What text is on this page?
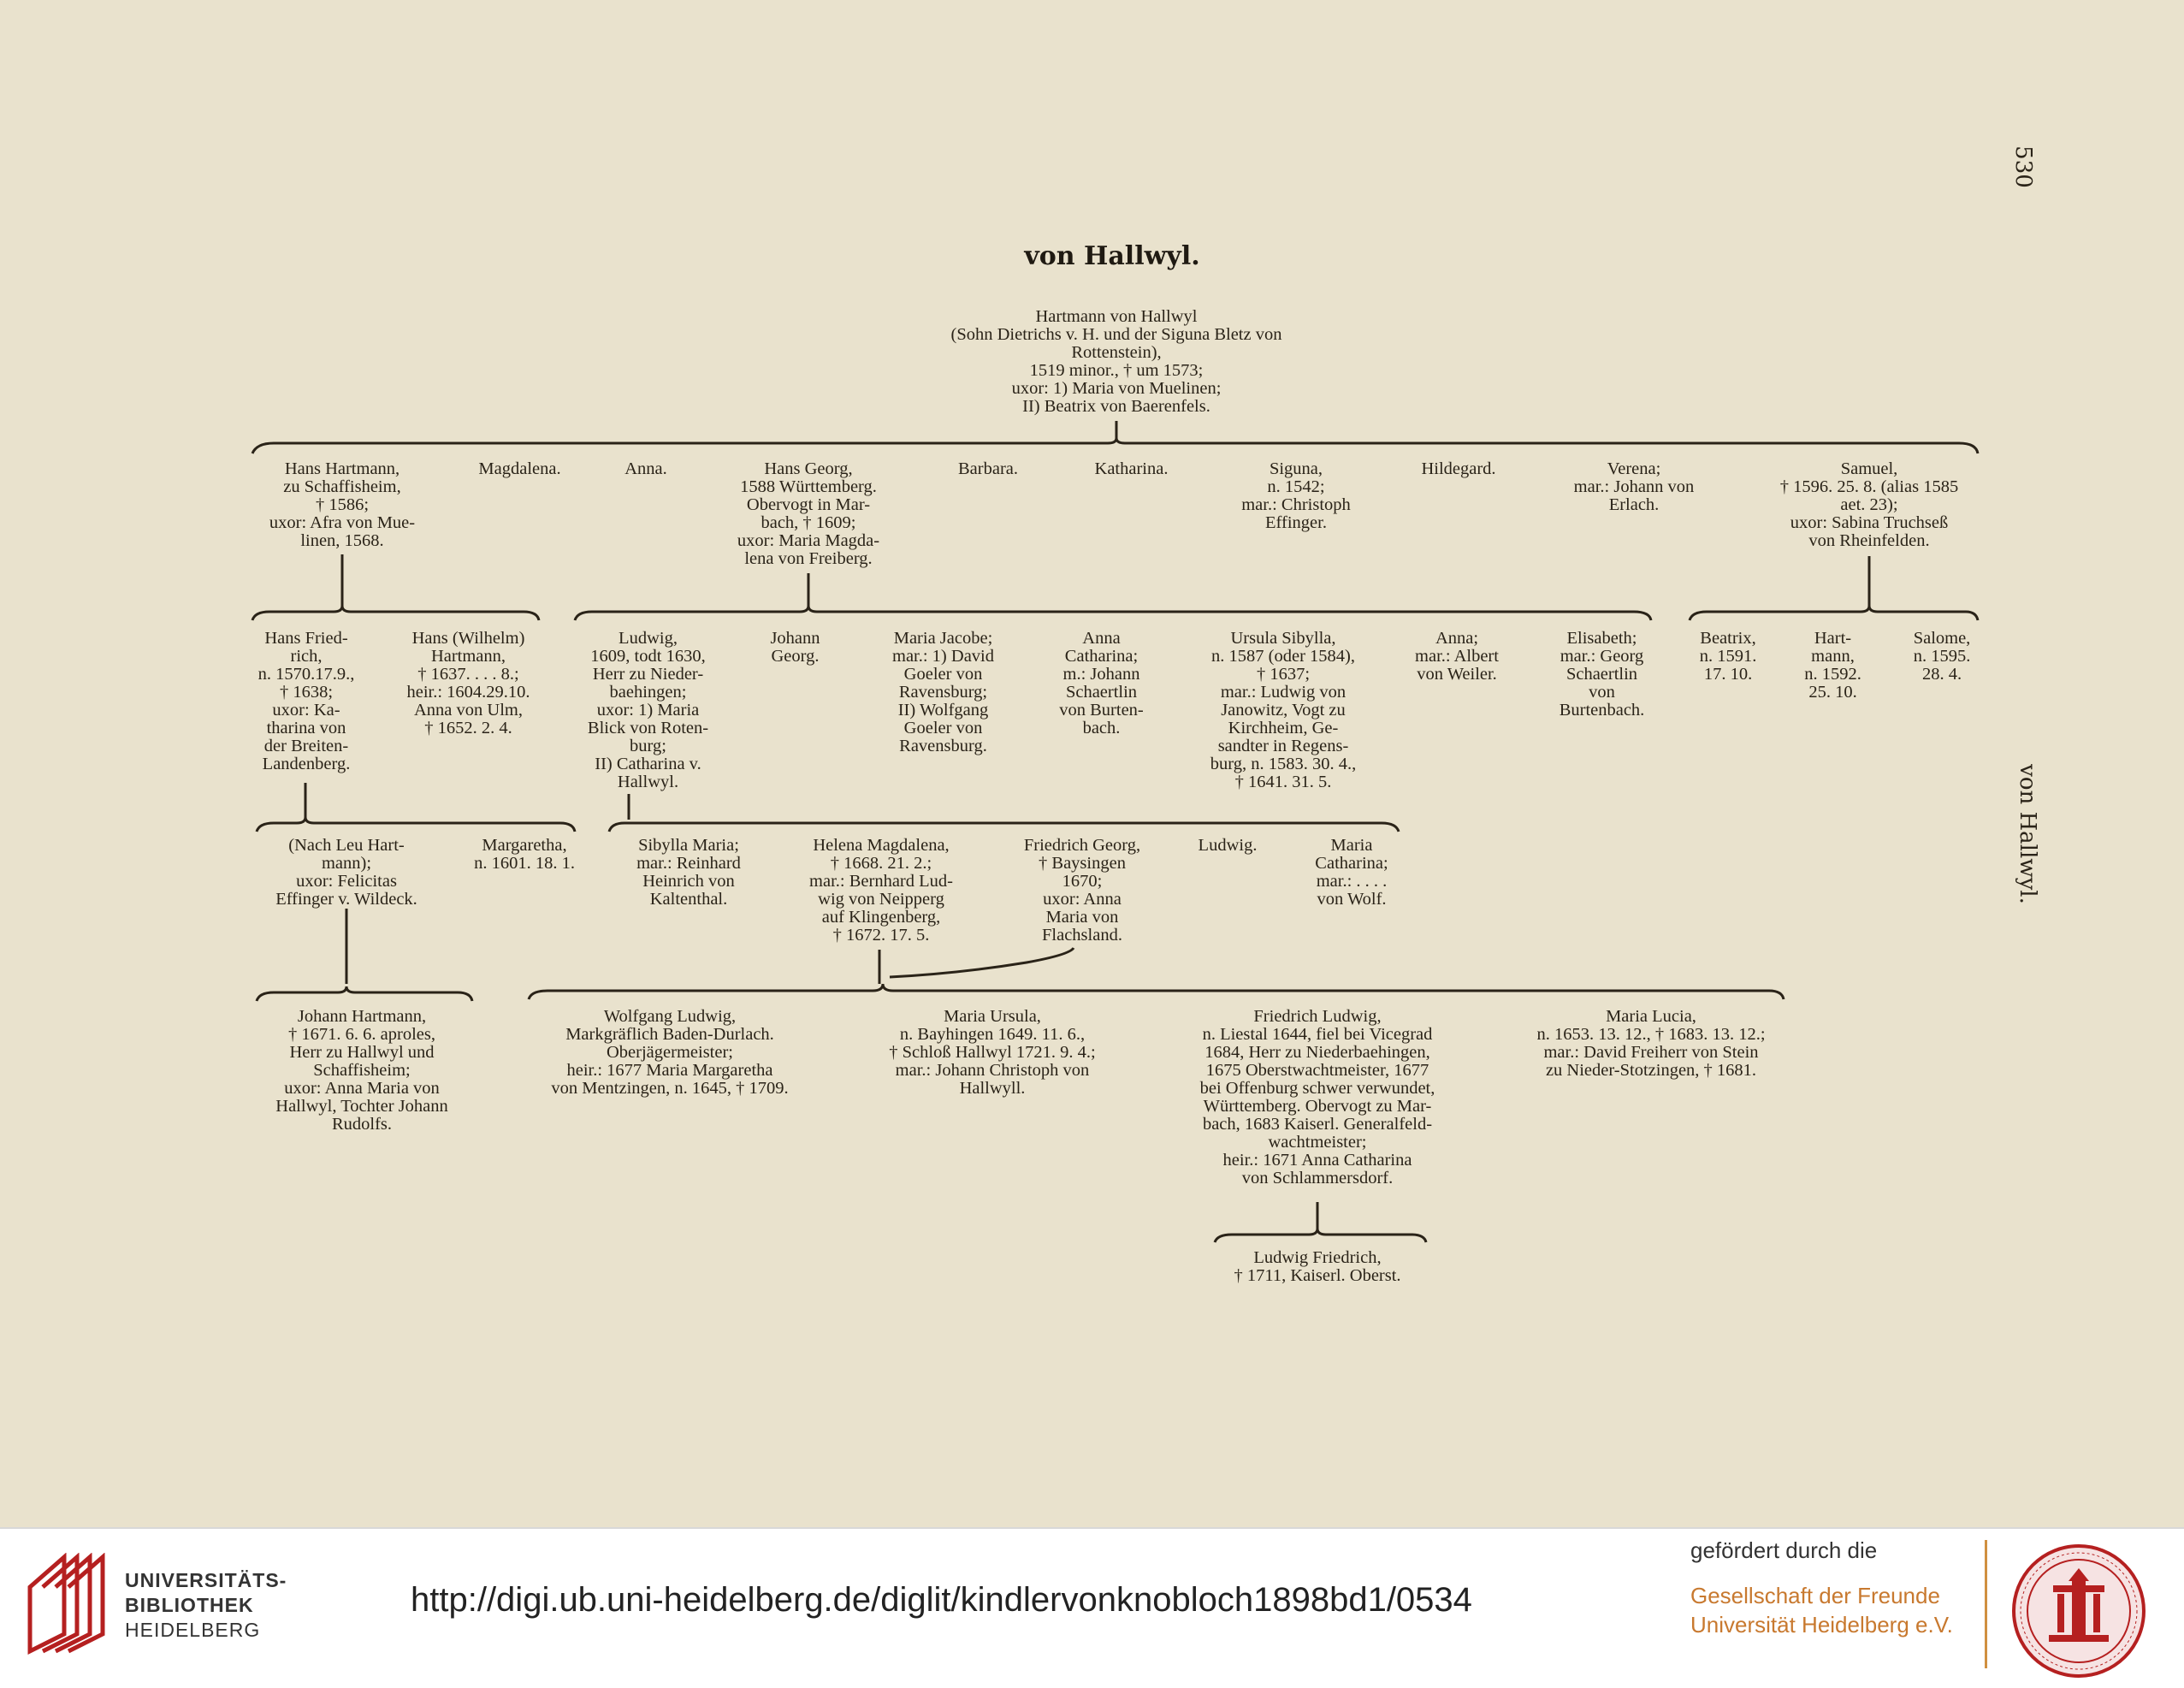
von Hallwyl.
530
von Hallwyl.
Hartmann von Hallwyl
(Sohn Dietrichs v. H. und der Siguna Bletz von
Rottenstein),
1519 minor., † um 1573;
uxor: 1) Maria von Muelinen;
II) Beatrix von Baerenfels.
Hans Hartmann,
zu Schaffisheim,
† 1586;
uxor: Afra von Mue-
linen, 1568.
Magdalena.	Anna.	Hans Georg,
1588 Württemberg.
Obervogt in Mar-
bach, † 1609;
uxor: Maria Magda-
lena von Freiberg.
Barbara.	Katharina.	Siguna,
n. 1542;
mar.: Christoph
Effinger.
Hildegard.	Verena;
mar.: Johann von
Erlach.
Samuel,
† 1596. 25. 8. (alias 1585
aet. 23);
uxor: Sabina Truchseß
von Rheinfelden.
Hans Fried-
rich,
n. 1570.17.9.,
† 1638;
uxor: Ka-
tharina von
der Breiten-
Landenberg.
Hans (Wilhelm)
Hartmann,
† 1637. . . . 8.;
heir.: 1604.29.10.
Anna von Ulm,
† 1652. 2. 4.
Ludwig,
1609, todt 1630,
Herr zu Nieder-
baehingen;
uxor: 1) Maria
Blick von Roten-
burg;
II) Catharina v.
Hallwyl.
Johann
Georg.
Maria Jacobe;
mar.: 1) David
Goeler von
Ravensburg;
II) Wolfgang
Goeler von
Ravensburg.
Anna
Catharina;
m.: Johann
Schaertlin
von Burten-
bach.
Ursula Sibylla,
n. 1587 (oder 1584),
† 1637;
mar.: Ludwig von
Janowitz, Vogt zu
Kirchheim, Ge-
sandter in Regens-
burg, n. 1583. 30. 4.,
† 1641. 31. 5.
Anna;
mar.: Albert
von Weiler.
Elisabeth;
mar.: Georg
Schaertlin
von
Burtenbach.
Beatrix,
n. 1591.
17. 10.
Hart-
mann,
n. 1592.
25. 10.
Salome,
n. 1595.
28. 4.
(Nach Leu Hart-
mann);
uxor: Felicitas
Effinger v. Wildeck.
Margaretha,
n. 1601. 18. 1.
Sibylla Maria;
mar.: Reinhard
Heinrich von
Kaltenthal.
Helena Magdalena,
† 1668. 21. 2.;
mar.: Bernhard Lud-
wig von Neipperg
auf Klingenberg,
† 1672. 17. 5.
Friedrich Georg,
† Baysingen
1670;
uxor: Anna
Maria von
Flachsland.
Ludwig.	Maria
Catharina;
mar.: . . . .
von Wolf.
Johann Hartmann,
† 1671. 6. 6. aproles,
Herr zu Hallwyl und
Schaffisheim;
uxor: Anna Maria von
Hallwyl, Tochter Johann
Rudolfs.
Wolfgang Ludwig,
Markgräflich Baden-Durlach.
Oberjägermeister;
heir.: 1677 Maria Margaretha
von Mentzingen, n. 1645, † 1709.
Maria Ursula,
n. Bayhingen 1649. 11. 6.,
† Schloß Hallwyl 1721. 9. 4.;
mar.: Johann Christoph von
Hallwyll.
Friedrich Ludwig,
n. Liestal 1644, fiel bei Vicegrad
1684, Herr zu Niederbaehingen,
1675 Oberstwachtmeister, 1677
bei Offenburg schwer verwundet,
Württemberg. Obervogt zu Mar-
bach, 1683 Kaiserl. Generalfeld-
wachtmeister;
heir.: 1671 Anna Catharina
von Schlammersdorf.
Maria Lucia,
n. 1653. 13. 12., † 1683. 13. 12.;
mar.: David Freiherr von Stein
zu Nieder-Stotzingen, † 1681.
Ludwig Friedrich,
† 1711, Kaiserl. Oberst.
UNIVERSITÄTS-
BIBLIOTHEK
HEIDELBERG
http://digi.ub.uni-heidelberg.de/diglit/kindlervonknobloch1898bd1/0534
gefördert durch die
Gesellschaft der Freunde
Universität Heidelberg e.V.
